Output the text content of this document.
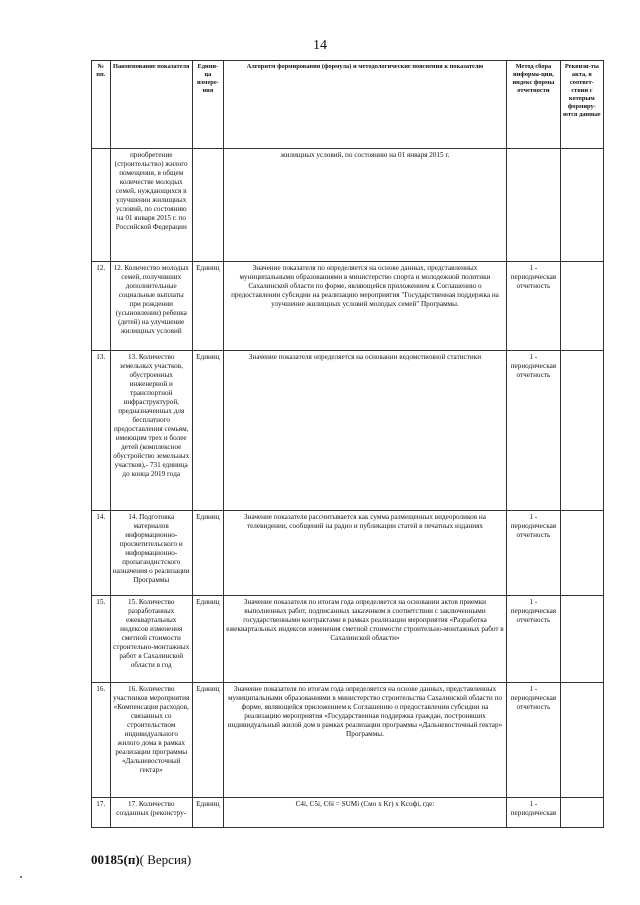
14
№ пп.	Наименование показателя	Едини-ца измере-ния	Алгоритм формирования (формула) и методологические пояснения к показателю	Метод сбора информа-ции, индекс формы отчетности	Реквизи-ты акта, в соответ-ствии с которым формиру-ются данные
	приобретение (строительство) жилого помещения, в общем количестве молодых семей, нуждающихся в улучшении жилищных условий, по состоянию на 01 января 2015 г. по Российской Федерации		жилищных условий, по состоянию на 01 января 2015 г.		
12.	12. Количество молодых семей, получивших дополнительные социальные выплаты при рождении (усыновлении) ребенка (детей) на улучшение жилищных условий	Единиц	Значение показателя по определяется на основе данных, представленных муниципальными образованиями в министерство спорта и молодежной политики Сахалинской области по форме, являющейся приложением к Соглашению о предоставлении субсидии на реализацию мероприятия "Государственная поддержка на улучшение жилищных условий молодых семей" Программы.	1 - периодическая отчетность	
13.	13. Количество земельных участков, обустроенных инженерной и транспортной инфраструктурой, предназначенных для бесплатного предоставления семьям, имеющим трех и более детей (комплексное обустройство земельных участков),- 731 единица до конца 2019 года	Единиц	Значение показателя определяется на основании ведомственной статистики	1 - периодическая отчетность	
14.	14. Подготовка материалов информационно-просветительского и информационно-пропагандистского назначения о реализации Программы	Единиц	Значение показателя рассчитывается как сумма размещенных видеороликов на телевидении, сообщений на радио и публикации статей в печатных изданиях	1 - периодическая отчетность	
15.	15. Количество разработанных ежеквартальных индексов изменения сметной стоимости строительно-монтажных работ в Сахалинской области в год	Единиц	Значение показателя по итогам года определяется на основании актов приемки выполненных работ, подписанных заказчиком в соответствии с заключенными государственными контрактами в рамках реализации мероприятия «Разработка ежеквартальных индексов изменения сметной стоимости строительно-монтажных работ в Сахалинской области»	1 - периодическая отчетность	
16.	16. Количество участников мероприятия «Компенсация расходов, связанных со строительством индивидуального жилого дома в рамках реализации программы «Дальневосточный гектар»	Единиц	Значение показателя по итогам года определяется на основе данных, представленных муниципальными образованиями в министерство строительства Сахалинской области по форме, являющейся приложением к Соглашению о предоставлении субсидии на реализацию мероприятия «Государственная поддержка граждан, построивших индивидуальный жилой дом в рамках реализации программы «Дальневосточный гектар» Программы.	1 - периодическая отчетность	
17.	17. Количество созданных (реконстру-	Единиц	C4i, C5i, C6i = SUMi (Cмо x Kr) x Kcoфi, где:	1 - периодическая	
00185(п)( Версия)
